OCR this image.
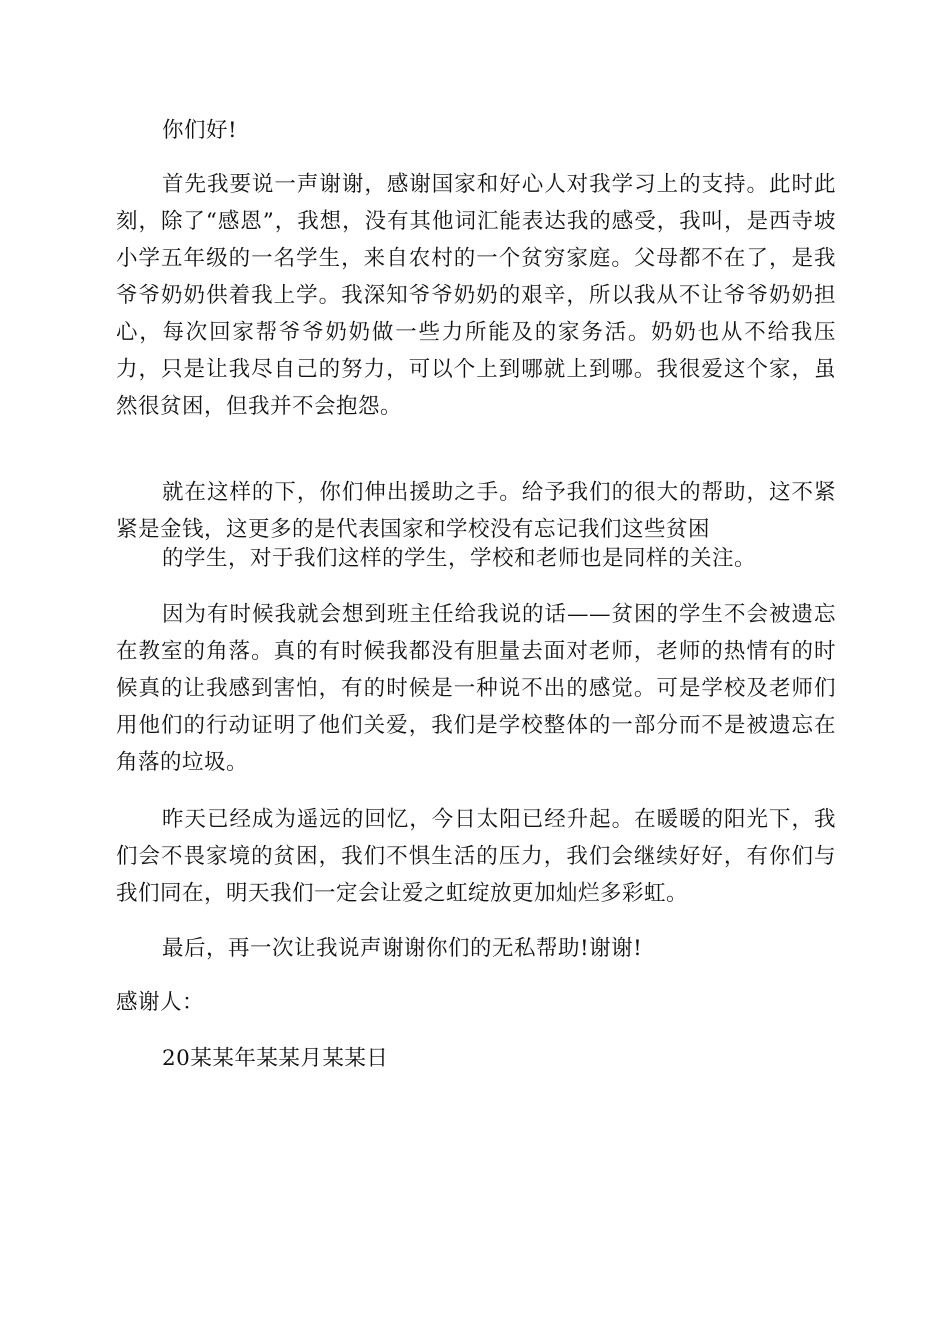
你们好!
首先我要说一声谢谢，感谢国家和好心人对我学习上的支持。此时此刻，除了“感恩”，我想，没有其他词汇能表达我的感受，我叫，是西寺坡小学五年级的一名学生，来自农村的一个贫穷家庭。父母都不在了，是我爷爷奶奶供着我上学。我深知爷爷奶奶的艰辛，所以我从不让爷爷奶奶担心，每次回家帮爷爷奶奶做一些力所能及的家务活。奶奶也从不给我压力，只是让我尽自己的努力，可以个上到哪就上到哪。我很爱这个家，虽然很贫困，但我并不会抱怨。
就在这样的下，你们伸出援助之手。给予我们的很大的帮助，这不紧紧是金钱，这更多的是代表国家和学校没有忘记我们这些贫困
的学生，对于我们这样的学生，学校和老师也是同样的关注。
因为有时候我就会想到班主任给我说的话——贫困的学生不会被遗忘在教室的角落。真的有时候我都没有胆量去面对老师，老师的热情有的时候真的让我感到害怕，有的时候是一种说不出的感觉。可是学校及老师们用他们的行动证明了他们关爱，我们是学校整体的一部分而不是被遗忘在角落的垃圾。
昨天已经成为遥远的回忆，今日太阳已经升起。在暖暖的阳光下，我们会不畏家境的贫困，我们不惧生活的压力，我们会继续好好，有你们与我们同在，明天我们一定会让爱之虹绽放更加灿烂多彩虹。
最后，再一次让我说声谢谢你们的无私帮助!谢谢!
感谢人：
20某某年某某月某某日
